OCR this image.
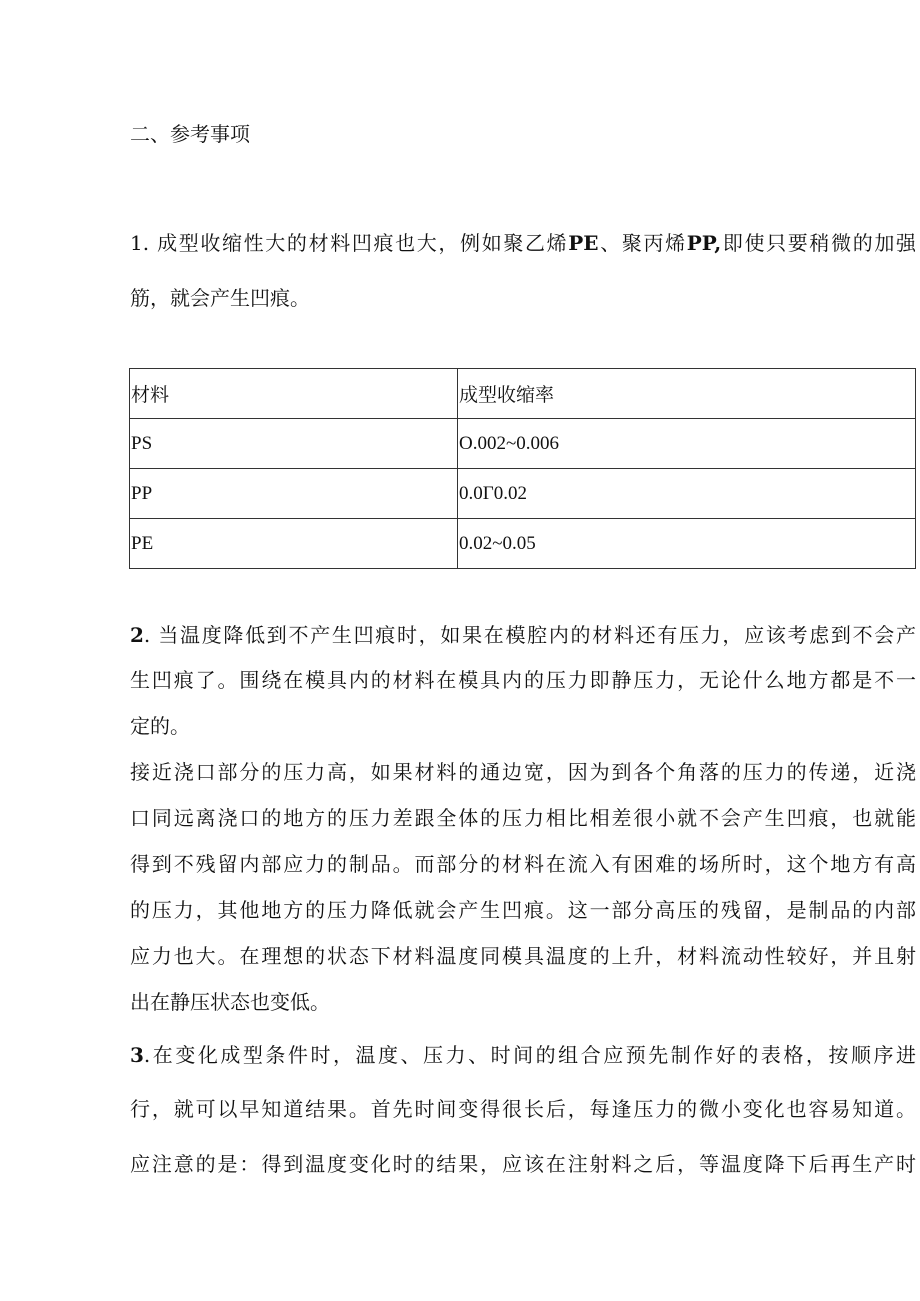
二、参考事项
1. 成型收缩性大的材料凹痕也大，例如聚乙烯PE、聚丙烯PP,即使只要稍微的加强
筋，就会产生凹痕。
材料	成型收缩率
PS	O.002~0.006
PP	0.0Γ0.02
PE	0.02~0.05
2. 当温度降低到不产生凹痕时，如果在模腔内的材料还有压力，应该考虑到不会产
生凹痕了。围绕在模具内的材料在模具内的压力即静压力，无论什么地方都是不一
定的。
接近浇口部分的压力高，如果材料的通边宽，因为到各个角落的压力的传递，近浇
口同远离浇口的地方的压力差跟全体的压力相比相差很小就不会产生凹痕，也就能
得到不残留内部应力的制品。而部分的材料在流入有困难的场所时，这个地方有高
的压力，其他地方的压力降低就会产生凹痕。这一部分高压的残留，是制品的内部
应力也大。在理想的状态下材料温度同模具温度的上升，材料流动性较好，并且射
出在静压状态也变低。
3.在变化成型条件时，温度、压力、时间的组合应预先制作好的表格，按顺序进
行，就可以早知道结果。首先时间变得很长后，每逢压力的微小变化也容易知道。
应注意的是：得到温度变化时的结果，应该在注射料之后，等温度降下后再生产时
